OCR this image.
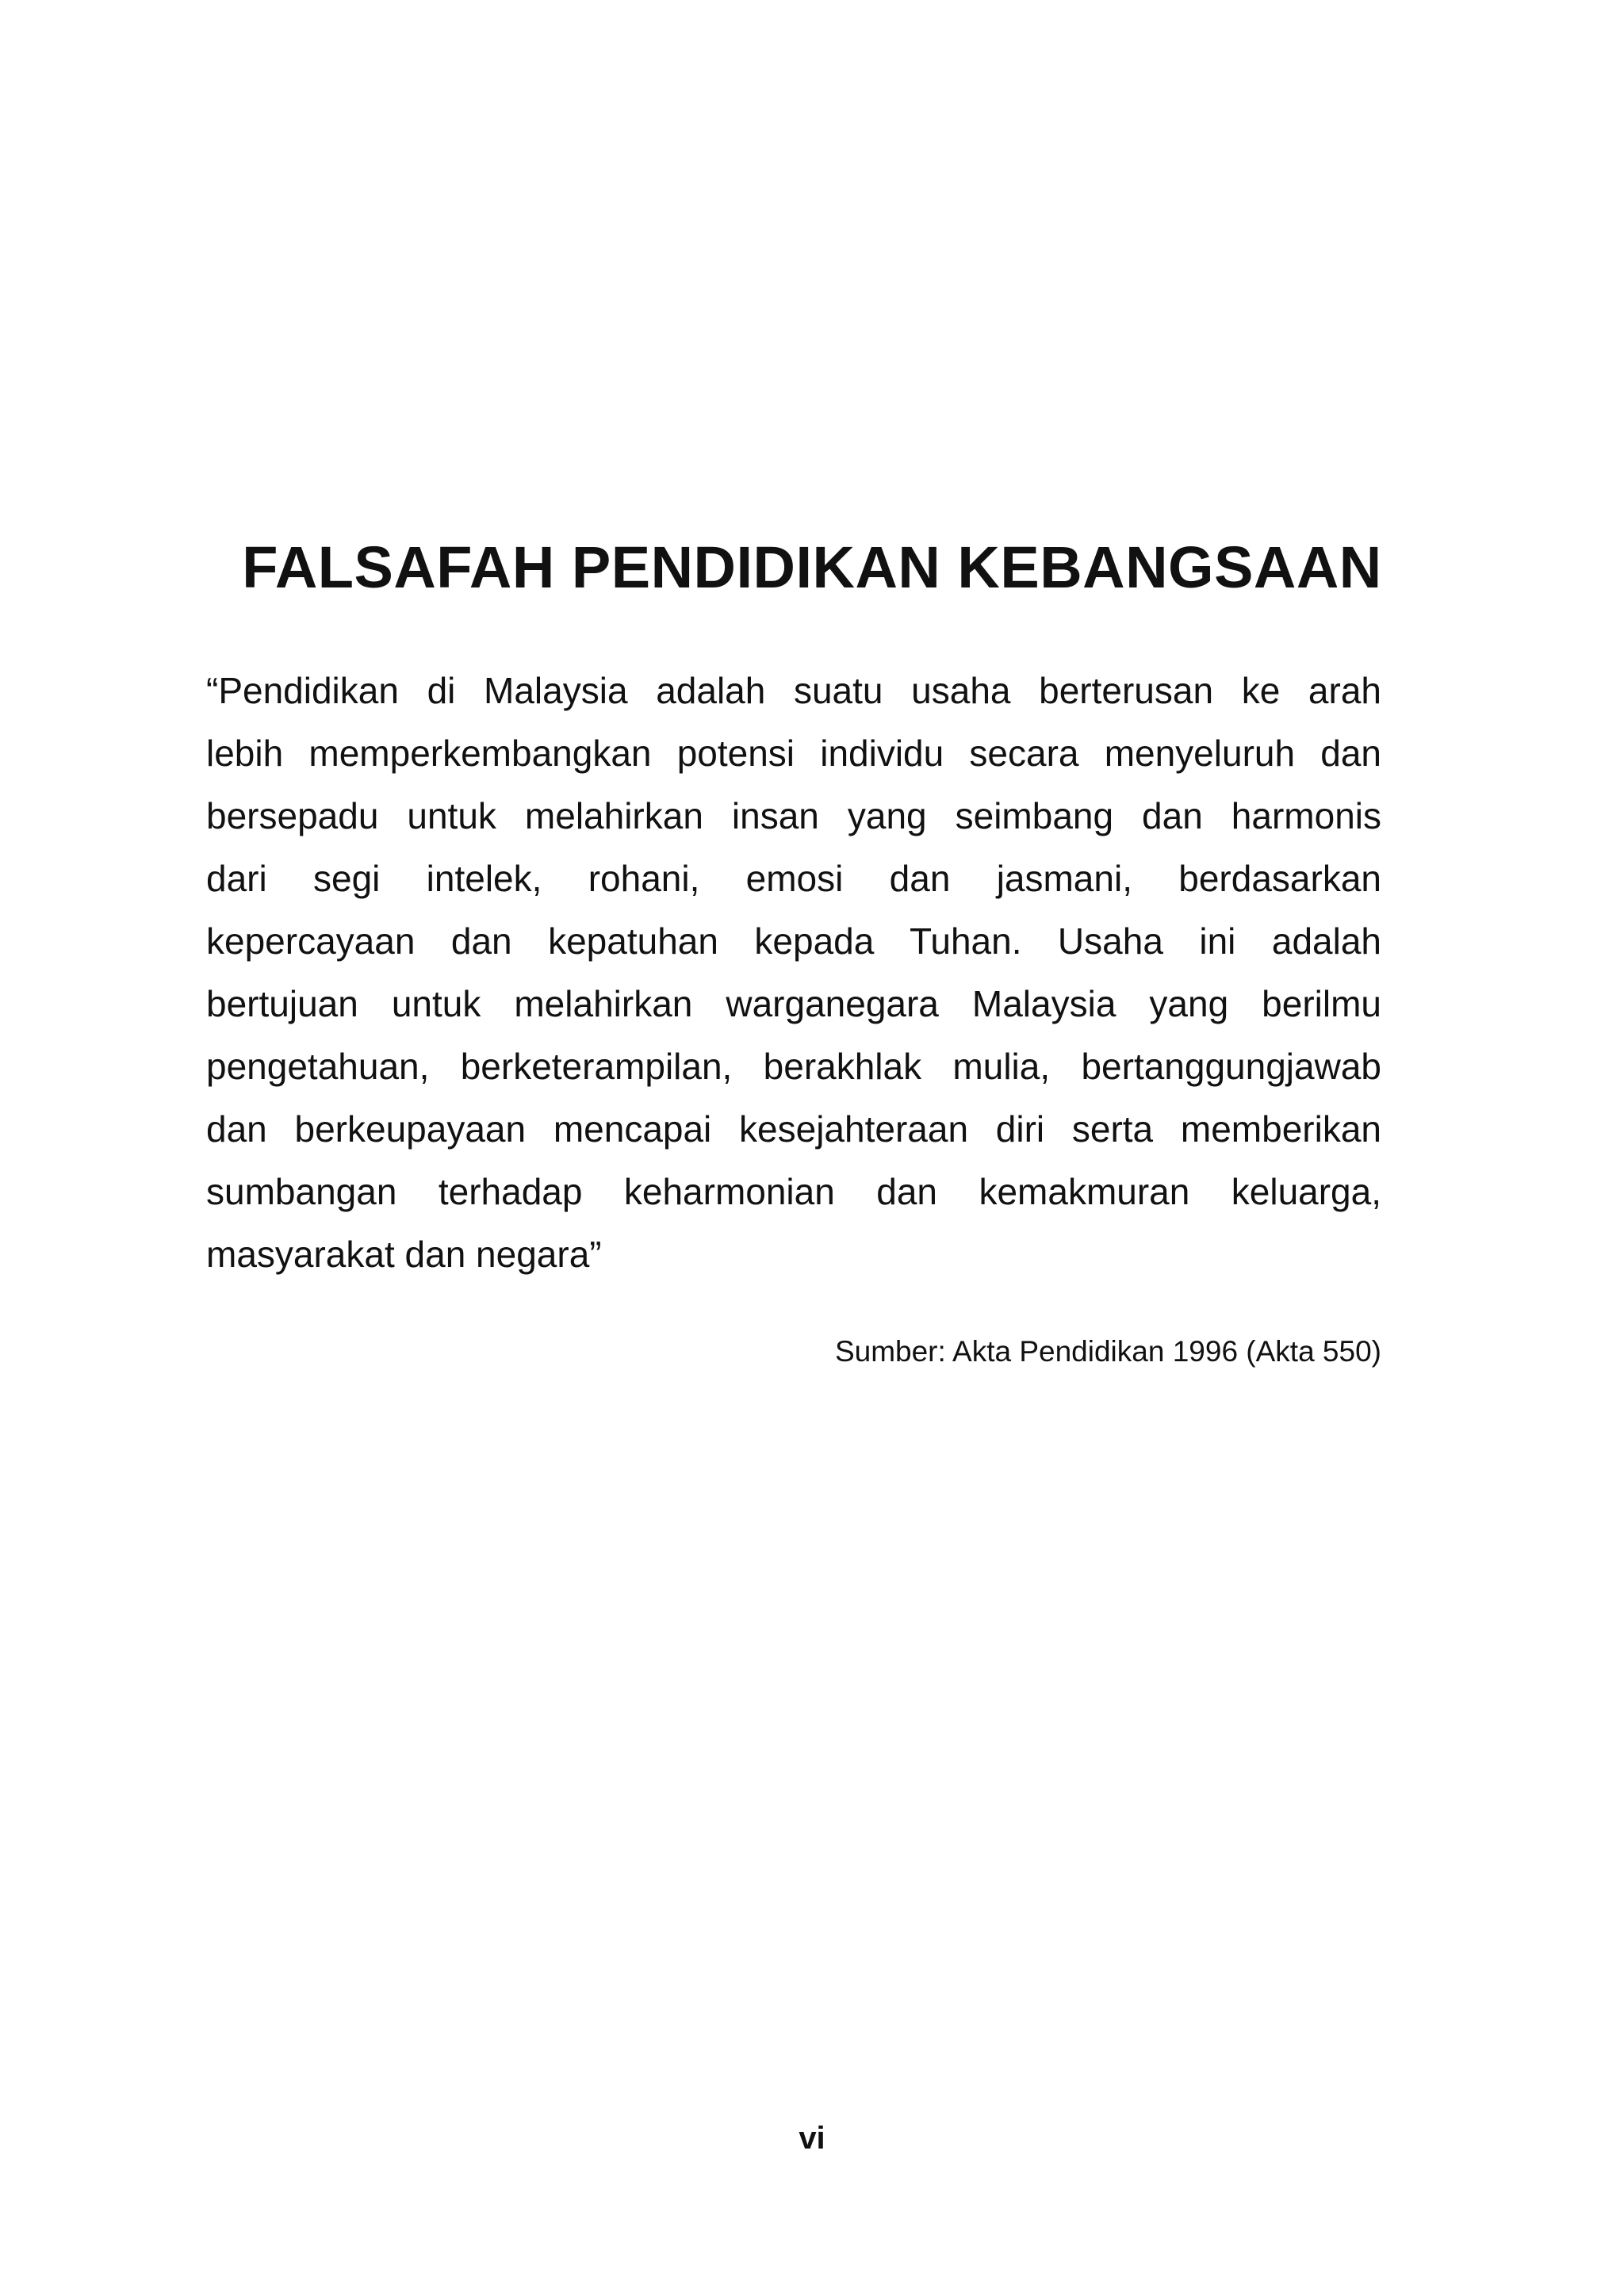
FALSAFAH PENDIDIKAN KEBANGSAAN
“Pendidikan di Malaysia adalah suatu usaha berterusan ke arah
lebih memperkembangkan potensi individu secara menyeluruh dan
bersepadu untuk melahirkan insan yang seimbang dan harmonis
dari segi intelek, rohani, emosi dan jasmani, berdasarkan
kepercayaan dan kepatuhan kepada Tuhan. Usaha ini adalah
bertujuan untuk melahirkan warganegara Malaysia yang berilmu
pengetahuan, berketerampilan, berakhlak mulia, bertanggungjawab
dan berkeupayaan mencapai kesejahteraan diri serta memberikan
sumbangan terhadap keharmonian dan kemakmuran keluarga,
masyarakat dan negara”

Sumber: Akta Pendidikan 1996 (Akta 550)

vi
